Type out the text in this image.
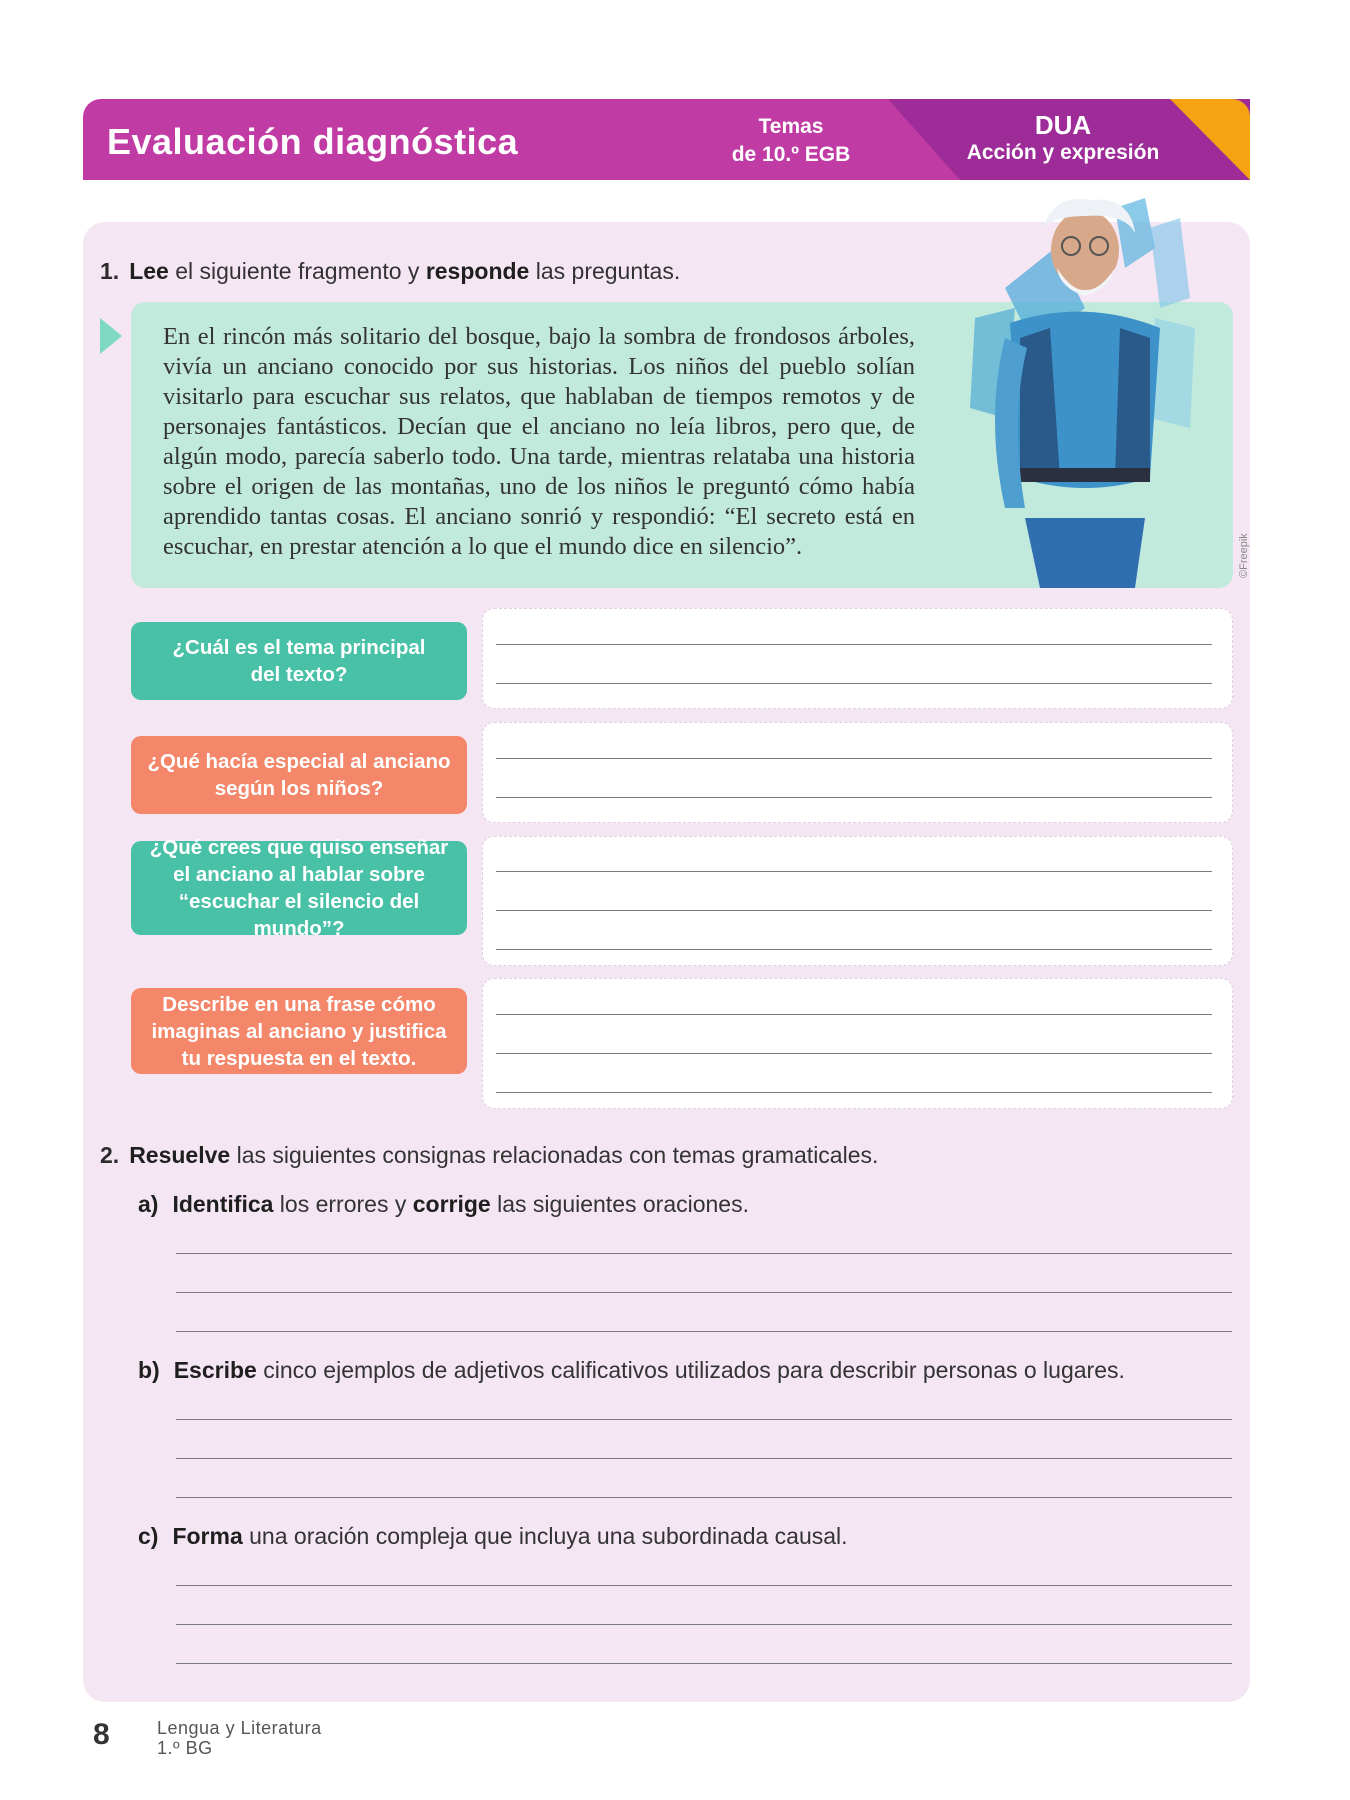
Evaluación diagnóstica	Temas
de 10.º EGB
DUA
Acción y expresión
1. Lee el siguiente fragmento y responde las preguntas.
En el rincón más solitario del bosque, bajo la sombra de frondosos árboles, vivía un anciano conocido por sus historias. Los niños del pueblo solían visitarlo para escuchar sus relatos, que hablaban de tiempos remotos y de personajes fantásticos. Decían que el anciano no leía libros, pero que, de algún modo, parecía saberlo todo. Una tarde, mientras relataba una historia sobre el origen de las montañas, uno de los niños le preguntó cómo había aprendido tantas cosas. El anciano sonrió y respondió: “El secreto está en escuchar, en prestar atención a lo que el mundo dice en silencio”.	©Freepik
¿Cuál es el tema principal del texto?
¿Qué hacía especial al anciano según los niños?
¿Qué crees que quiso enseñar el anciano al hablar sobre “escuchar el silencio del mundo”?
Describe en una frase cómo imaginas al anciano y justifica tu respuesta en el texto.
2. Resuelve las siguientes consignas relacionadas con temas gramaticales.
a) Identifica los errores y corrige las siguientes oraciones.
b) Escribe cinco ejemplos de adjetivos calificativos utilizados para describir personas o lugares.
c) Forma una oración compleja que incluya una subordinada causal.
8	Lengua y Literatura
1.º BG
